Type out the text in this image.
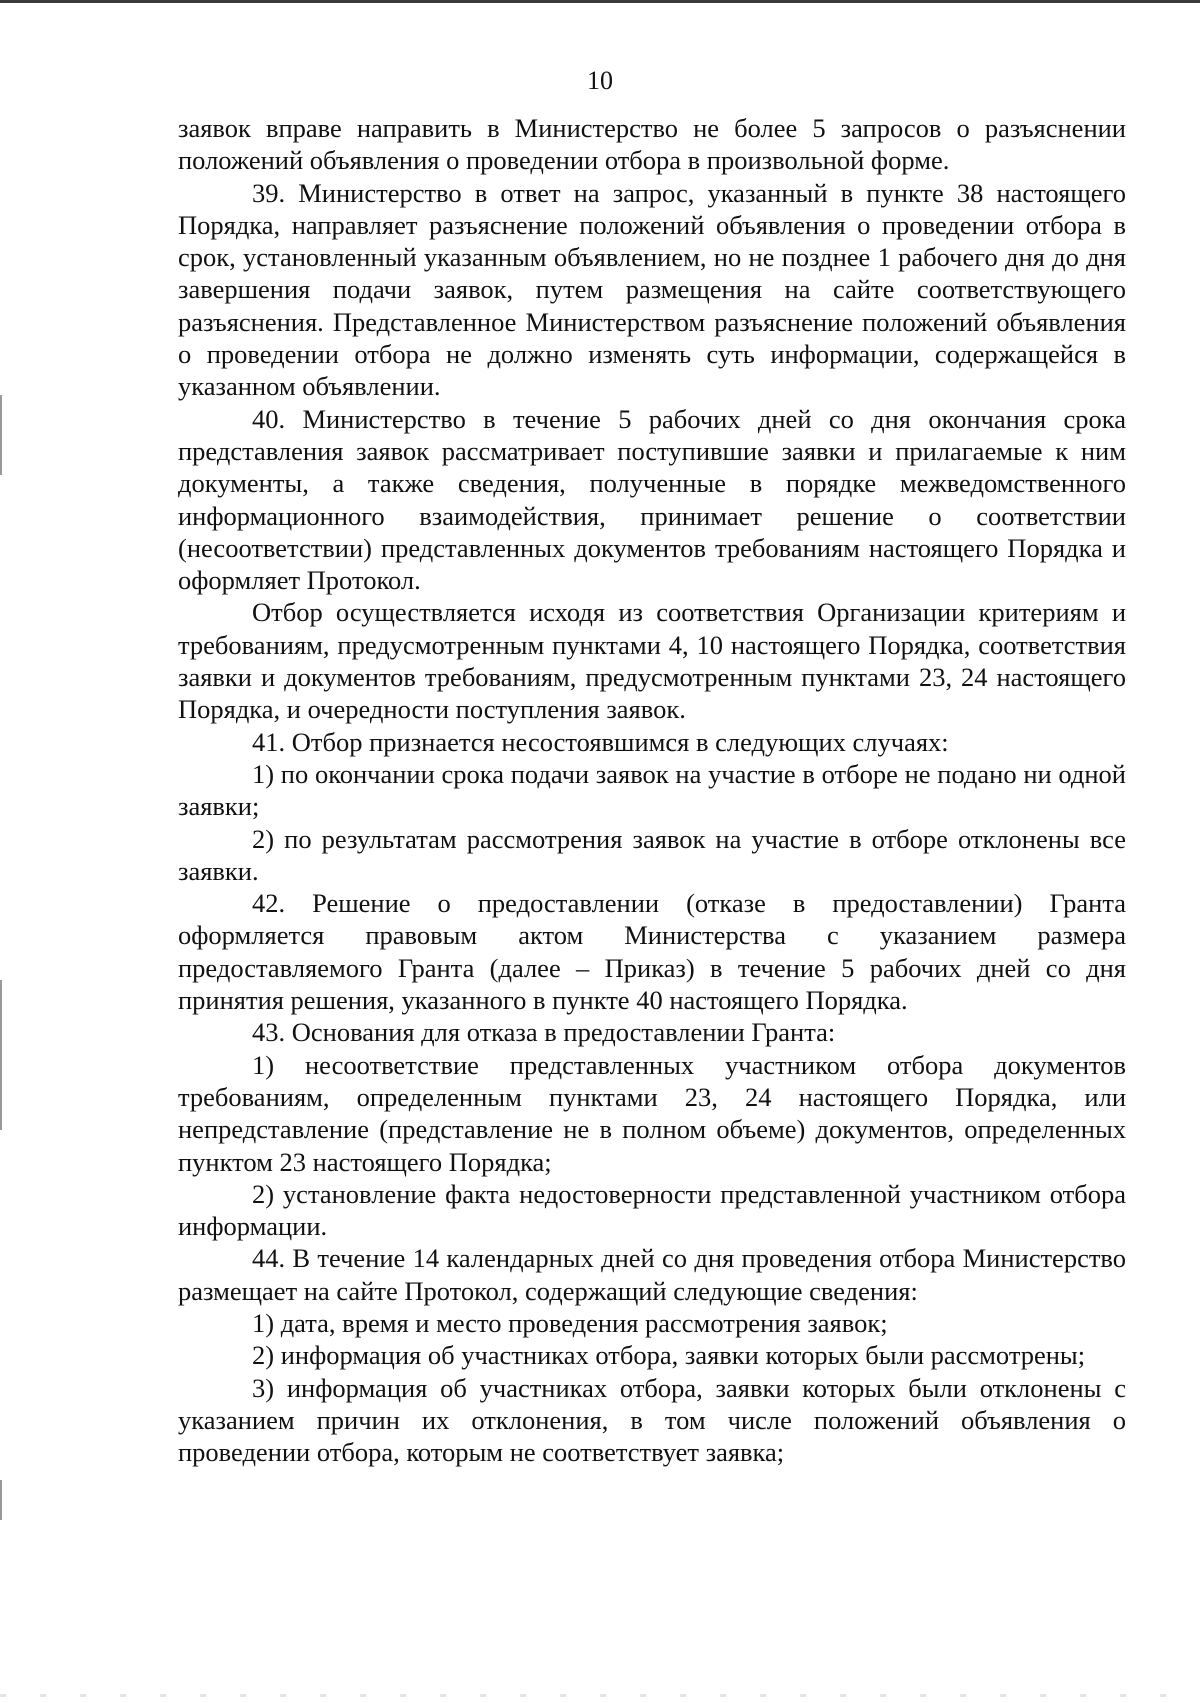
10

заявок вправе направить в Министерство не более 5 запросов о разъяснении положений объявления о проведении отбора в произвольной форме.

39. Министерство в ответ на запрос, указанный в пункте 38 настоящего Порядка, направляет разъяснение положений объявления о проведении отбора в срок, установленный указанным объявлением, но не позднее 1 рабочего дня до дня завершения подачи заявок, путем размещения на сайте соответствующего разъяснения. Представленное Министерством разъяснение положений объявления о проведении отбора не должно изменять суть информации, содержащейся в указанном объявлении.

40. Министерство в течение 5 рабочих дней со дня окончания срока представления заявок рассматривает поступившие заявки и прилагаемые к ним документы, а также сведения, полученные в порядке межведомственного информационного взаимодействия, принимает решение о соответствии (несоответствии) представленных документов требованиям настоящего Порядка и оформляет Протокол.

Отбор осуществляется исходя из соответствия Организации критериям и требованиям, предусмотренным пунктами 4, 10 настоящего Порядка, соответствия заявки и документов требованиям, предусмотренным пунктами 23, 24 настоящего Порядка, и очередности поступления заявок.

41. Отбор признается несостоявшимся в следующих случаях:

1) по окончании срока подачи заявок на участие в отборе не подано ни одной заявки;

2) по результатам рассмотрения заявок на участие в отборе отклонены все заявки.

42. Решение о предоставлении (отказе в предоставлении) Гранта оформляется правовым актом Министерства с указанием размера предоставляемого Гранта (далее – Приказ) в течение 5 рабочих дней со дня принятия решения, указанного в пункте 40 настоящего Порядка.

43. Основания для отказа в предоставлении Гранта:

1) несоответствие представленных участником отбора документов требованиям, определенным пунктами 23, 24 настоящего Порядка, или непредставление (представление не в полном объеме) документов, определенных пунктом 23 настоящего Порядка;

2) установление факта недостоверности представленной участником отбора информации.

44. В течение 14 календарных дней со дня проведения отбора Министерство размещает на сайте Протокол, содержащий следующие сведения:

1) дата, время и место проведения рассмотрения заявок;

2) информация об участниках отбора, заявки которых были рассмотрены;

3) информация об участниках отбора, заявки которых были отклонены с указанием причин их отклонения, в том числе положений объявления о проведении отбора, которым не соответствует заявка;
